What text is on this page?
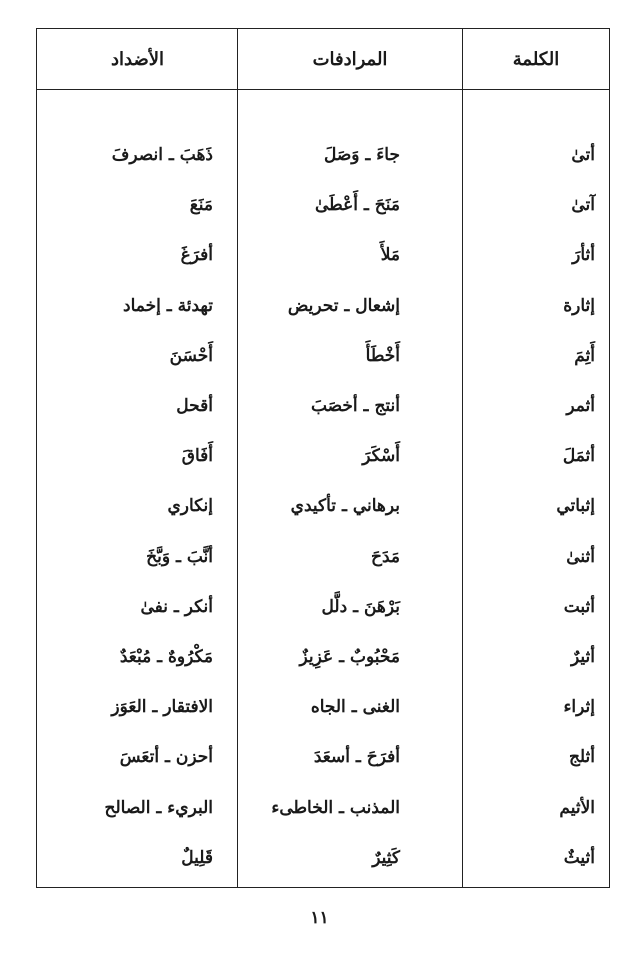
الكلمة
المرادفات
الأضداد
أتىٰ
جاءَ ـ وَصَلَ
ذَهَبَ ـ انصرفَ
آتىٰ
مَنَحَ ـ أَعْطَىٰ
مَنَعَ
أثأرَ
مَلأَ
أفرَغَ
إثارة
إشعال ـ تحريض
تهدئة ـ إخماد
أَثِمَ
أَخْطَأَ
أَحْسَنَ
أثمر
أنتج ـ أخصَبَ
أقحل
أثمَلَ
أَسْكَرَ
أَفَاقَ
إثباتي
برهاني ـ تأكيدي
إنكاري
أثنىٰ
مَدَحَ
أنَّبَ ـ وَبَّخَ
أثبت
بَرْهَنَ ـ دلَّل
أنكر ـ نفىٰ
أثيرٌ
مَحْبُوبٌ ـ عَزِيزٌ
مَكْرُوهٌ ـ مُبْعَدٌ
إثراء
الغنى ـ الجاه
الافتقار ـ العَوَز
أثلج
أفرَحَ ـ أسعَدَ
أحزن ـ أتعَسَ
الأثيم
المذنب ـ الخاطىء
البريء ـ الصالح
أثيثٌ
كَثِيرٌ
قَلِيلٌ
١١
